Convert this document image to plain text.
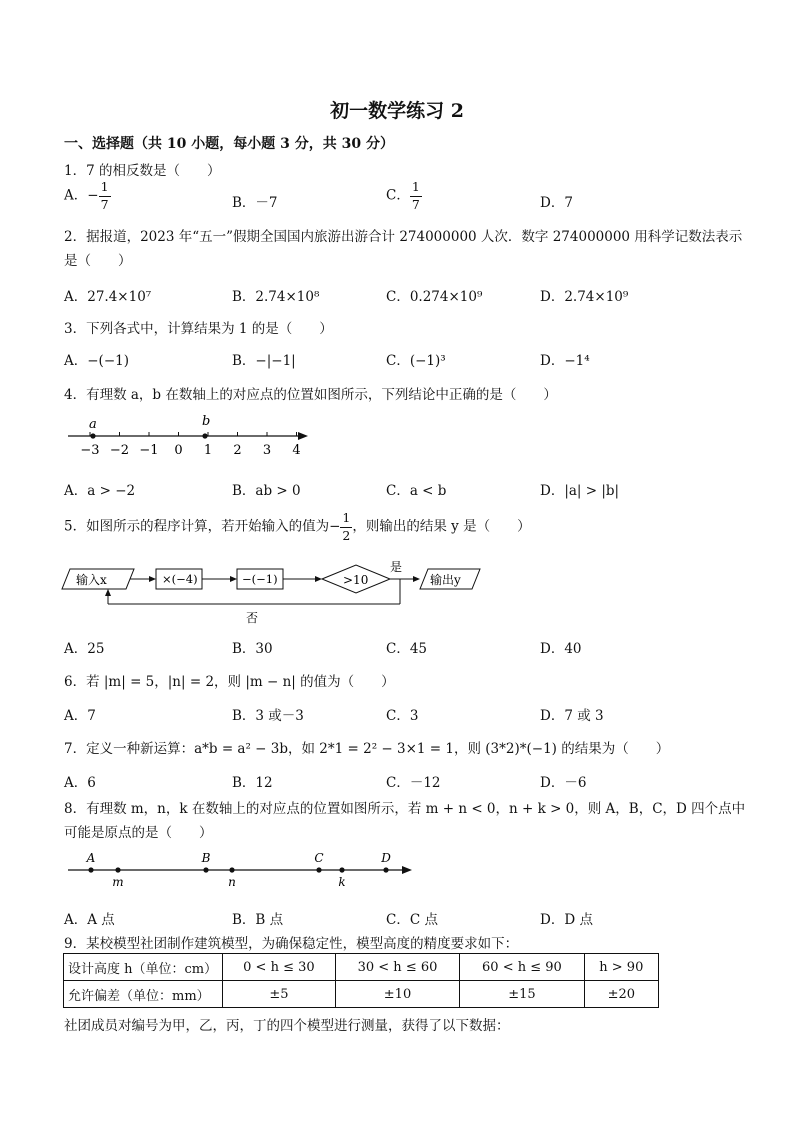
初一数学练习 2
一、选择题（共 10 小题，每小题 3 分，共 30 分）
1．7 的相反数是（　　）
A．− $\frac{1}{7}$	B．－7	C． $\frac{1}{7}$	D．7
2．据报道，2023 年“五一”假期全国国内旅游出游合计 274000000 人次．数字 274000000 用科学记数法表示
是（　　）
A．27.4×10⁷	B．2.74×10⁸	C．0.274×10⁹	D．2.74×10⁹
3．下列各式中，计算结果为 1 的是（　　）
A．−(−1)	B．−|−1|	C．(−1)³	D．−1⁴
4．有理数 a，b 在数轴上的对应点的位置如图所示，下列结论中正确的是（　　）
−3 −2 −1 0 1 2 3 4
a	b
A．a > −2	B．ab > 0	C．a < b	D．|a| > |b|
5．如图所示的程序计算，若开始输入的值为− $\frac{1}{2}$ ，则输出的结果 y 是（　　）
输入x	×(−4)	−(−1)	>10
是
输出y
否
A．25	B．30	C．45	D．40
6．若 |m| = 5，|n| = 2，则 |m − n| 的值为（　　）
A．7	B．3 或－3	C．3	D．7 或 3
7．定义一种新运算：a*b = a² − 3b，如 2*1 = 2² − 3×1 = 1，则 (3*2)*(−1) 的结果为（　　）
A．6	B．12	C．－12	D．－6
8．有理数 m，n，k 在数轴上的对应点的位置如图所示，若 m + n < 0，n + k > 0，则 A，B，C，D 四个点中
可能是原点的是（　　）
A	B	C	D
m	n	k
A．A 点	B．B 点	C．C 点	D．D 点
9．某校模型社团制作建筑模型，为确保稳定性，模型高度的精度要求如下：
设计高度 h（单位：cm）	0 < h ≤ 30	30 < h ≤ 60	60 < h ≤ 90	h > 90
允许偏差（单位：mm）	±5	±10	±15	±20
社团成员对编号为甲，乙，丙，丁的四个模型进行测量，获得了以下数据：
